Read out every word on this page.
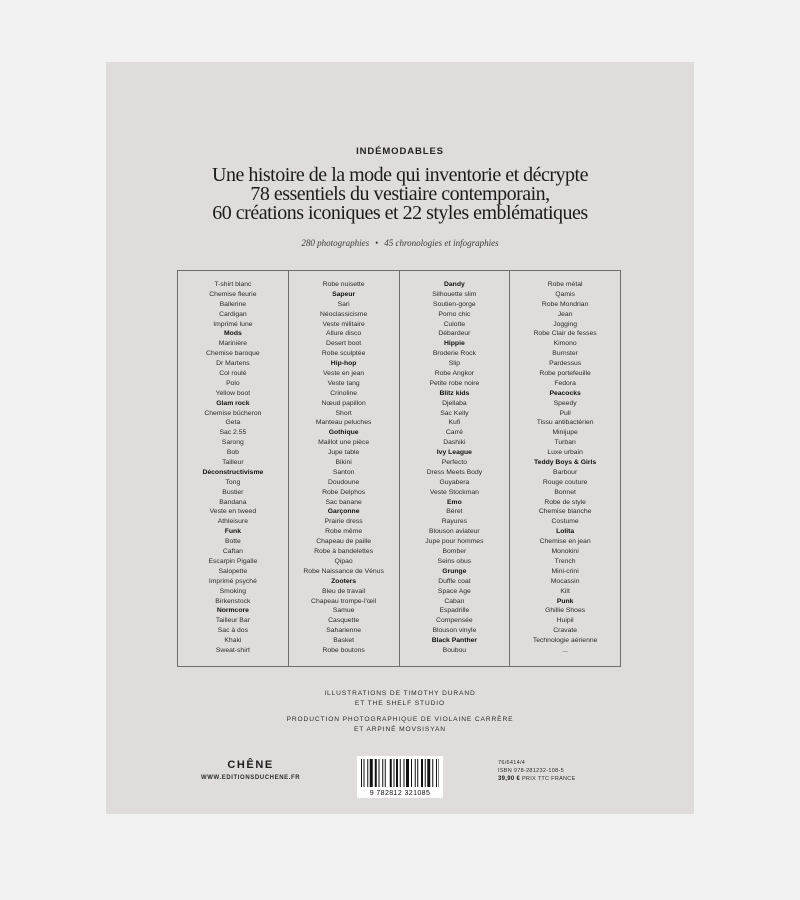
INDÉMODABLES
Une histoire de la mode qui inventorie et décrypte
78 essentiels du vestiaire contemporain,
60 créations iconiques et 22 styles emblématiques
280 photographies • 45 chronologies et infographies
T-shirt blanc
Chemise fleurie
Ballerine
Cardigan
Imprimé lune
Mods
Marinière
Chemise baroque
Dr Martens
Col roulé
Polo
Yellow boot
Glam rock
Chemise bûcheron
Geta
Sac 2.55
Sarong
Bob
Tailleur
Déconstructivisme
Tong
Bustier
Bandana
Veste en tweed
Athleisure
Funk
Botte
Caftan
Escarpin Pigalle
Salopette
Imprimé psyché
Smoking
Birkenstock
Normcore
Tailleur Bar
Sac à dos
Khaki
Sweat-shirt
Robe nuisette
Sapeur
Sari
Néoclassicisme
Veste militaire
Allure disco
Desert boot
Robe sculptée
Hip-hop
Veste en jean
Veste tang
Crinoline
Nœud papillon
Short
Manteau peluches
Gothique
Maillot une pièce
Jupe table
Bikini
Santon
Doudoune
Robe Delphos
Sac banane
Garçonne
Prairie dress
Robe même
Chapeau de paille
Robe à bandelettes
Qipao
Robe Naissance de Vénus
Zooters
Bleu de travail
Chapeau trompe-l'œil
Samue
Casquette
Saharienne
Basket
Robe boutons
Dandy
Silhouette slim
Soutien-gorge
Porno chic
Culotte
Débardeur
Hippie
Broderie Rock
Slip
Robe Angkor
Petite robe noire
Blitz kids
Djellaba
Sac Kelly
Kufi
Carré
Dashiki
Ivy League
Perfecto
Dress Meets Body
Guyabera
Veste Stockman
Emo
Béret
Rayures
Blouson aviateur
Jupe pour hommes
Bomber
Seins obus
Grunge
Duffle coat
Space Age
Caban
Espadrille
Compensée
Blouson vinyle
Black Panther
Boubou
Robe métal
Qamis
Robe Mondrian
Jean
Jogging
Robe Clair de fesses
Kimono
Burnster
Pardessus
Robe portefeuille
Fedora
Peacocks
Speedy
Pull
Tissu antibactérien
Minijupe
Turban
Luxe urbain
Teddy Boys & Girls
Barbour
Rouge couture
Bonnet
Robe de style
Chemise blanche
Costume
Lolita
Chemise en jean
Monokini
Trench
Mini-crini
Mocassin
Kilt
Punk
Ghillie Shoes
Huipil
Cravate
Technologie aérienne
...
ILLUSTRATIONS DE TIMOTHY DURAND
ET THE SHELF STUDIO
PRODUCTION PHOTOGRAPHIQUE DE VIOLAINE CARRÈRE
ET ARPINÉ MOVSISYAN
CHÊNE
WWW.EDITIONSDUCHENE.FR
9 782812 321085
76/6414/4
ISBN 978-281232-108-5
39,90 € PRIX TTC FRANCE
